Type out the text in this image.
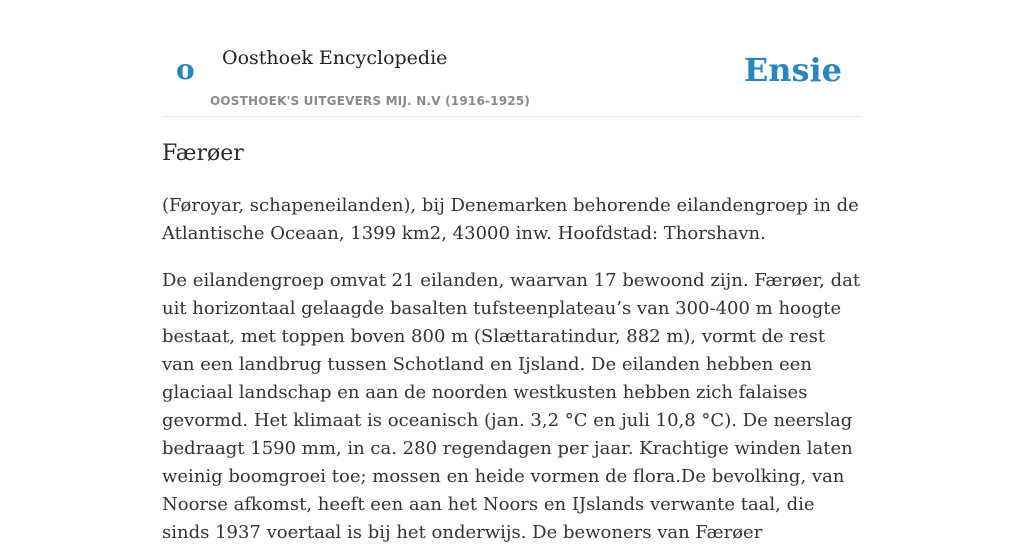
o Oosthoek Encyclopedie
OOSTHOEK'S UITGEVERS MIJ. N.V (1916-1925)
Ensie
Færøer

(Føroyar, schapeneilanden), bij Denemarken behorende eilandengroep in de Atlantische Oceaan, 1399 km2, 43000 inw. Hoofdstad: Thorshavn.

De eilandengroep omvat 21 eilanden, waarvan 17 bewoond zijn. Færøer, dat uit horizontaal gelaagde basalten tufsteenplateau’s van 300-400 m hoogte bestaat, met toppen boven 800 m (Slættaratindur, 882 m), vormt de rest van een landbrug tussen Schotland en Ijsland. De eilanden hebben een glaciaal landschap en aan de noorden westkusten hebben zich falaises gevormd. Het klimaat is oceanisch (jan. 3,2 °C en juli 10,8 °C). De neerslag bedraagt 1590 mm, in ca. 280 regendagen per jaar. Krachtige winden laten weinig boomgroei toe; mossen en heide vormen de flora.De bevolking, van Noorse afkomst, heeft een aan het Noors en IJslands verwante taal, die sinds 1937 voertaal is bij het onderwijs. De bewoners van Færøer
